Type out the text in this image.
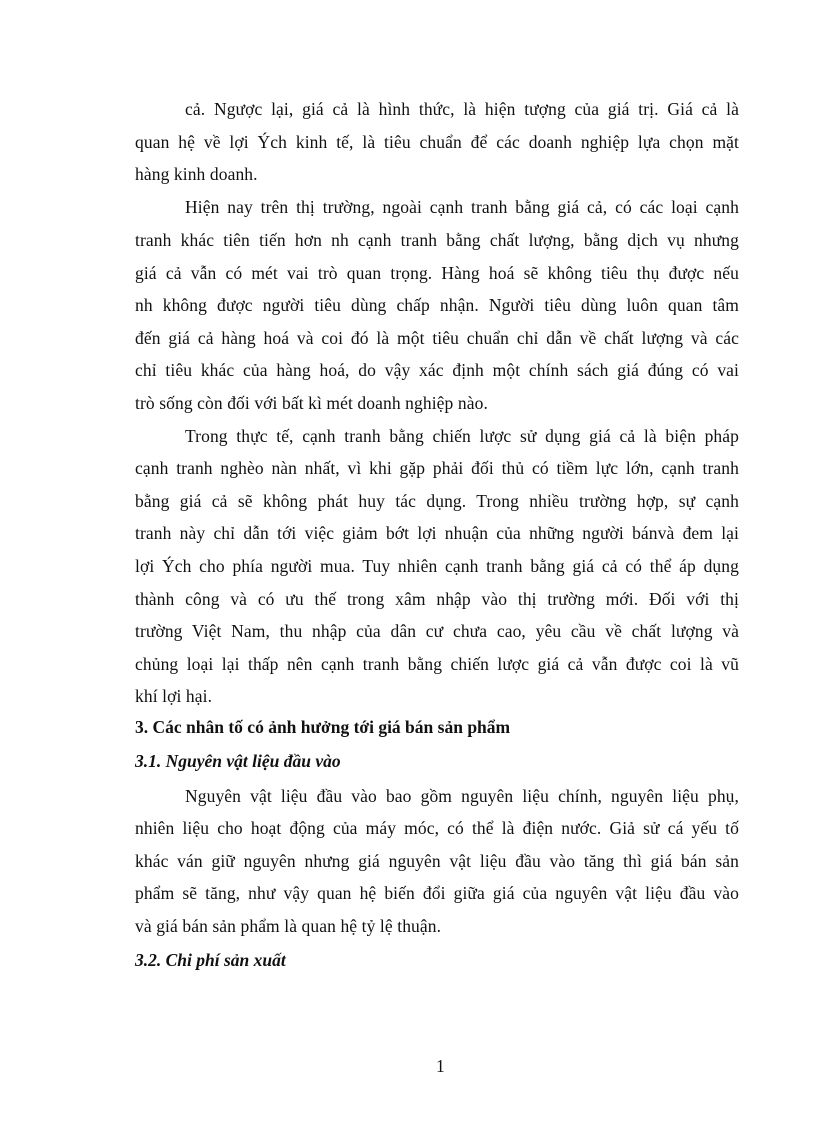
cả. Ngược lại, giá cả là hình thức, là hiện tượng của giá trị. Giá cả là
quan hệ về lợi Ých kinh tế, là tiêu chuẩn để các doanh nghiệp lựa chọn mặt
hàng kinh doanh.
Hiện nay trên thị trường, ngoài cạnh tranh bằng giá cả, có các loại cạnh
tranh khác tiên tiến hơn nh cạnh tranh bằng chất lượng, bằng dịch vụ nhưng
giá cả vẫn có mét vai trò quan trọng. Hàng hoá sẽ không tiêu thụ được nếu
nh không được người tiêu dùng chấp nhận. Người tiêu dùng luôn quan tâm
đến giá cả hàng hoá và coi đó là một tiêu chuẩn chỉ dẫn về chất lượng và các
chỉ tiêu khác của hàng hoá, do vậy xác định một chính sách giá đúng có vai
trò sống còn đối với bất kì mét doanh nghiệp nào.
Trong thực tế, cạnh tranh bằng chiến lược sử dụng giá cả là biện pháp
cạnh tranh nghèo nàn nhất, vì khi gặp phải đối thủ có tiềm lực lớn, cạnh tranh
bằng giá cả sẽ không phát huy tác dụng. Trong nhiều trường hợp, sự cạnh
tranh này chỉ dẫn tới việc giảm bớt lợi nhuận của những người bánvà đem lại
lợi Ých cho phía người mua. Tuy nhiên cạnh tranh bằng giá cả có thể áp dụng
thành công và có ưu thế trong xâm nhập vào thị trường mới. Đối với thị
trường Việt Nam, thu nhập của dân cư chưa cao, yêu cầu về chất lượng và
chủng loại lại thấp nên cạnh tranh bằng chiến lược giá cả vẫn được coi là vũ
khí lợi hại.
3. Các nhân tố có ảnh hưởng tới giá bán sản phẩm
3.1. Nguyên vật liệu đầu vào
Nguyên vật liệu đầu vào bao gồm nguyên liệu chính, nguyên liệu phụ,
nhiên liệu cho hoạt động của máy móc, có thể là điện nước. Giả sử cá yếu tố
khác ván giữ nguyên nhưng giá nguyên vật liệu đầu vào tăng thì giá bán sản
phẩm sẽ tăng, như vậy quan hệ biến đổi giữa giá của nguyên vật liệu đầu vào
và giá bán sản phẩm là quan hệ tỷ lệ thuận.
3.2. Chi phí sản xuất
1
